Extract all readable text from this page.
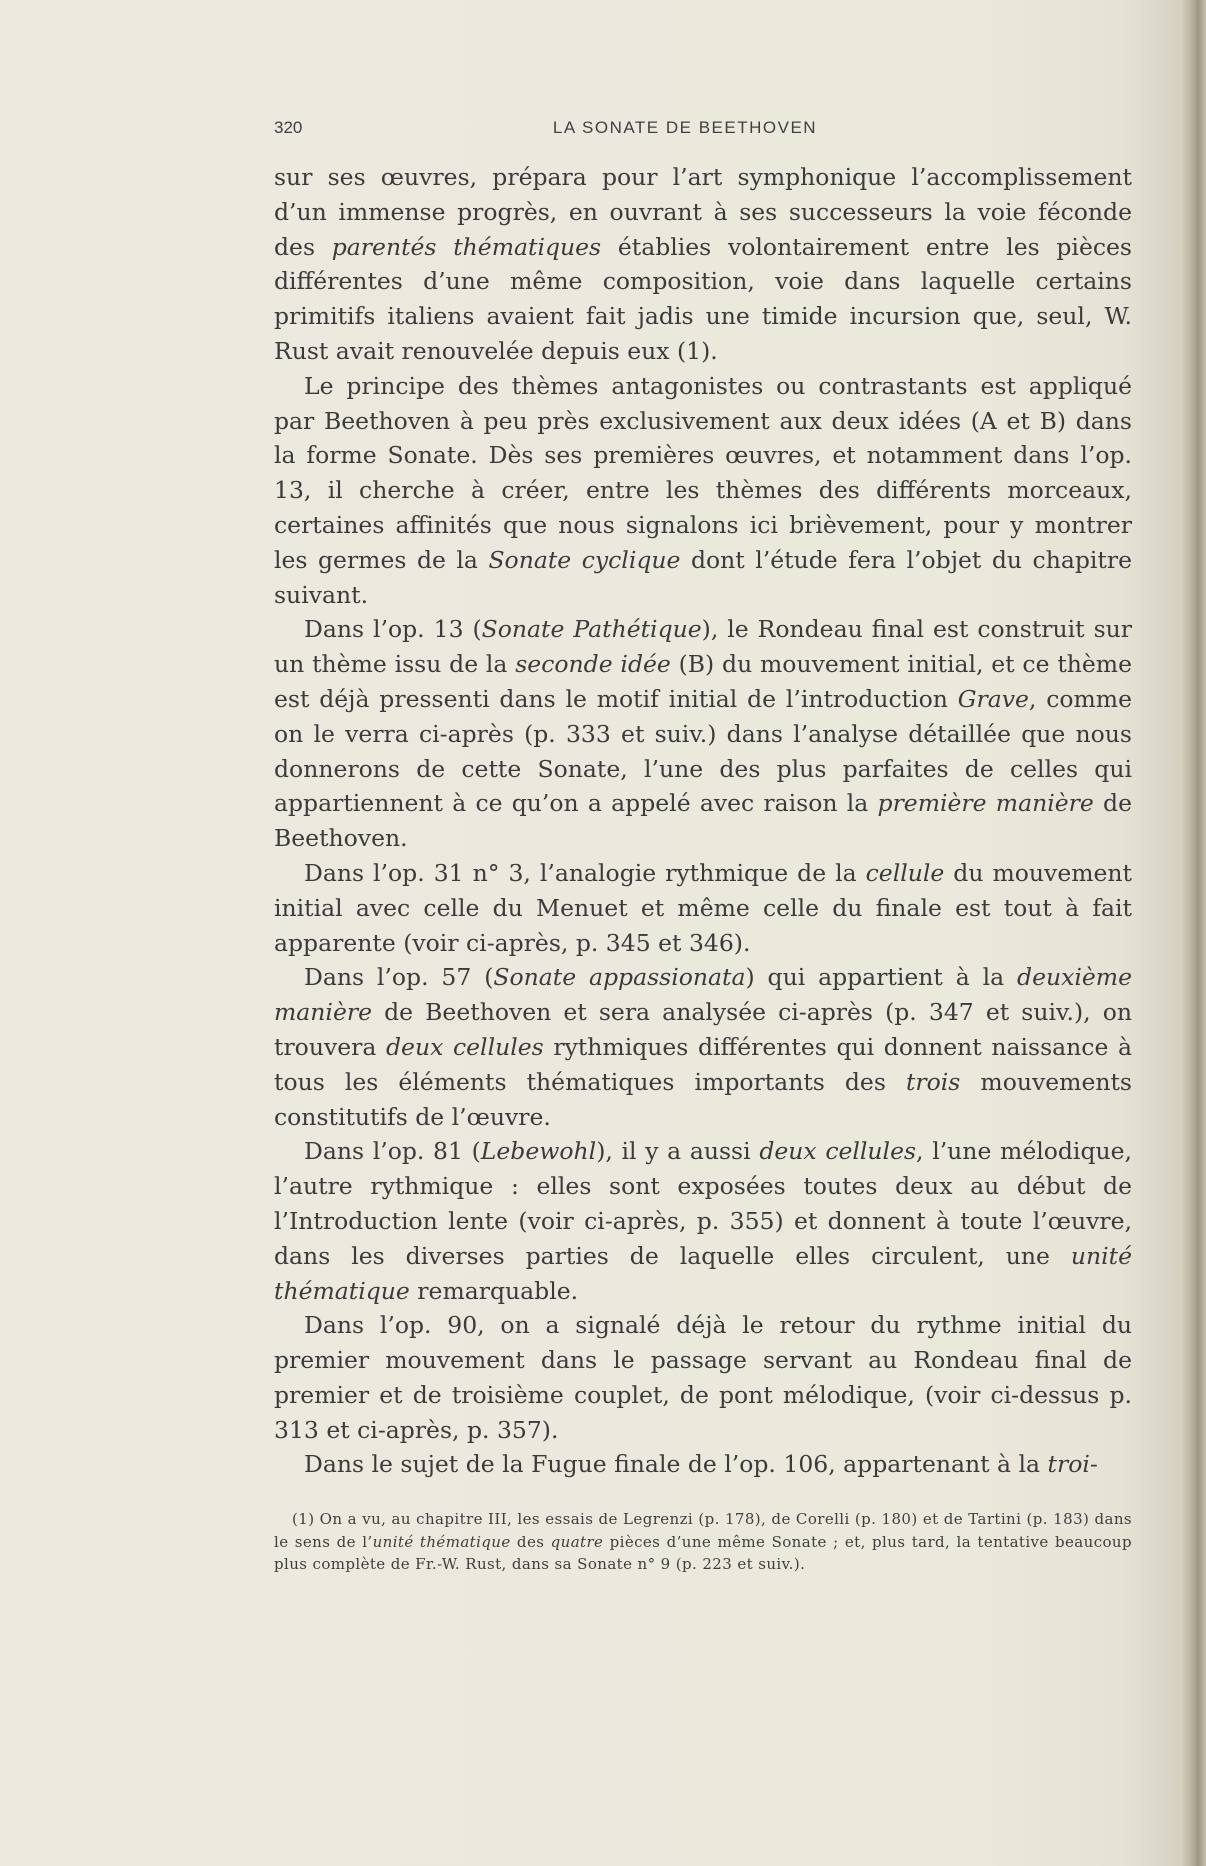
320	LA SONATE DE BEETHOVEN

sur ses œuvres, prépara pour l’art symphonique l’accomplissement d’un immense progrès, en ouvrant à ses successeurs la voie féconde des parentés thématiques établies volontairement entre les pièces différentes d’une même composition, voie dans laquelle certains primitifs italiens avaient fait jadis une timide incursion que, seul, W. Rust avait renouvelée depuis eux (1).

Le principe des thèmes antagonistes ou contrastants est appliqué par Beethoven à peu près exclusivement aux deux idées (A et B) dans la forme Sonate. Dès ses premières œuvres, et notamment dans l’op. 13, il cherche à créer, entre les thèmes des différents morceaux, certaines affinités que nous signalons ici brièvement, pour y montrer les germes de la Sonate cyclique dont l’étude fera l’objet du chapitre suivant.

Dans l’op. 13 (Sonate Pathétique), le Rondeau final est construit sur un thème issu de la seconde idée (B) du mouvement initial, et ce thème est déjà pressenti dans le motif initial de l’introduction Grave, comme on le verra ci-après (p. 333 et suiv.) dans l’analyse détaillée que nous donnerons de cette Sonate, l’une des plus parfaites de celles qui appartiennent à ce qu’on a appelé avec raison la première manière de Beethoven.

Dans l’op. 31 n° 3, l’analogie rythmique de la cellule du mouvement initial avec celle du Menuet et même celle du finale est tout à fait apparente (voir ci-après, p. 345 et 346).

Dans l’op. 57 (Sonate appassionata) qui appartient à la deuxième manière de Beethoven et sera analysée ci-après (p. 347 et suiv.), on trouvera deux cellules rythmiques différentes qui donnent naissance à tous les éléments thématiques importants des trois mouvements constitutifs de l’œuvre.

Dans l’op. 81 (Lebewohl), il y a aussi deux cellules, l’une mélodique, l’autre rythmique : elles sont exposées toutes deux au début de l’Introduction lente (voir ci-après, p. 355) et donnent à toute l’œuvre, dans les diverses parties de laquelle elles circulent, une unité thématique remarquable.

Dans l’op. 90, on a signalé déjà le retour du rythme initial du premier mouvement dans le passage servant au Rondeau final de premier et de troisième couplet, de pont mélodique, (voir ci-dessus p. 313 et ci-après, p. 357).

Dans le sujet de la Fugue finale de l’op. 106, appartenant à la troi-

(1) On a vu, au chapitre III, les essais de Legrenzi (p. 178), de Corelli (p. 180) et de Tartini (p. 183) dans le sens de l’unité thématique des quatre pièces d’une même Sonate ; et, plus tard, la tentative beaucoup plus complète de Fr.-W. Rust, dans sa Sonate n° 9 (p. 223 et suiv.).
